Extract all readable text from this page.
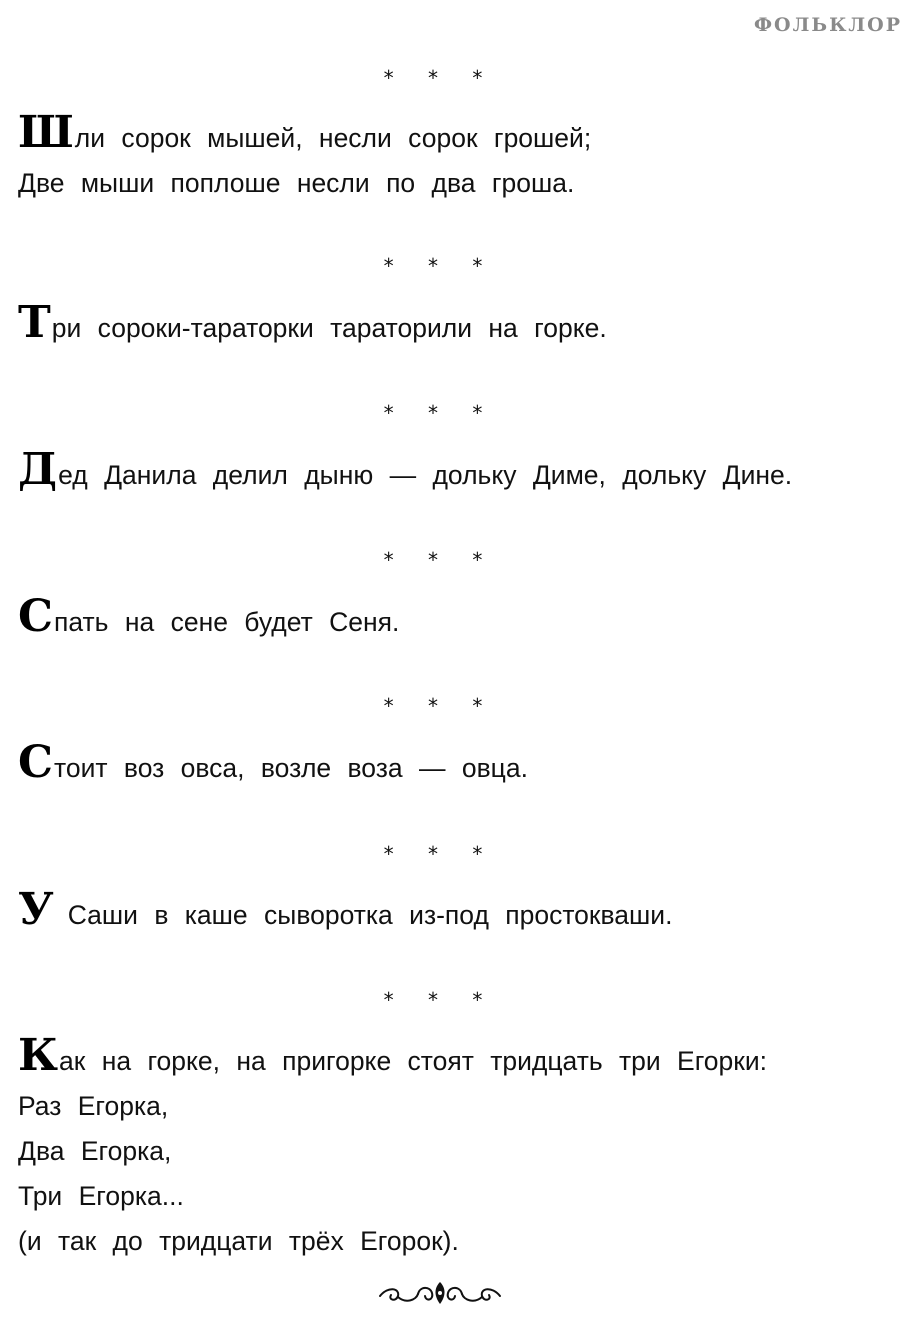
ФОЛЬКЛОР
* * *
Шли сорок мышей, несли сорок грошей;
Две мыши поплоше несли по два гроша.
* * *
Три сороки-тараторки тараторили на горке.
* * *
Дед Данила делил дыню — дольку Диме, дольку Дине.
* * *
Спать на сене будет Сеня.
* * *
Стоит воз овса, возле воза — овца.
* * *
У Саши в каше сыворотка из-под простокваши.
* * *
Как на горке, на пригорке стоят тридцать три Егорки:
Раз Егорка,
Два Егорка,
Три Егорка...
(и так до тридцати трёх Егорок).
